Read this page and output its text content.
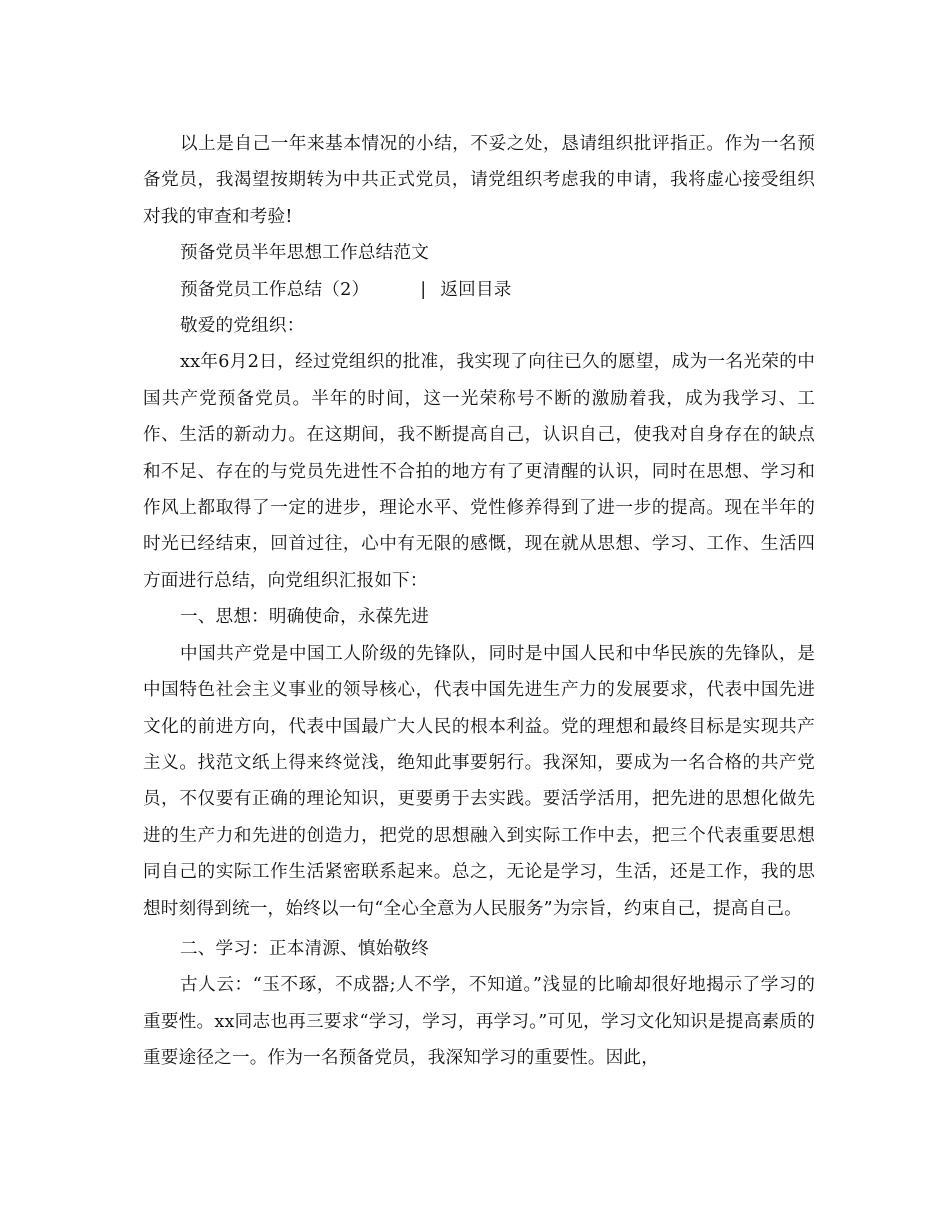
以上是自己一年来基本情况的小结，不妥之处，恳请组织批评指正。作为一名预备党员，我渴望按期转为中共正式党员，请党组织考虑我的申请，我将虚心接受组织对我的审查和考验!

预备党员半年思想工作总结范文

预备党员工作总结（2）	| 返回目录

敬爱的党组织：

xx年6月2日，经过党组织的批准，我实现了向往已久的愿望，成为一名光荣的中国共产党预备党员。半年的时间，这一光荣称号不断的激励着我，成为我学习、工作、生活的新动力。在这期间，我不断提高自己，认识自己，使我对自身存在的缺点和不足、存在的与党员先进性不合拍的地方有了更清醒的认识，同时在思想、学习和作风上都取得了一定的进步，理论水平、党性修养得到了进一步的提高。现在半年的时光已经结束，回首过往，心中有无限的感慨，现在就从思想、学习、工作、生活四方面进行总结，向党组织汇报如下：

一、思想：明确使命，永葆先进

中国共产党是中国工人阶级的先锋队，同时是中国人民和中华民族的先锋队，是中国特色社会主义事业的领导核心，代表中国先进生产力的发展要求，代表中国先进文化的前进方向，代表中国最广大人民的根本利益。党的理想和最终目标是实现共产主义。找范文纸上得来终觉浅，绝知此事要躬行。我深知，要成为一名合格的共产党员，不仅要有正确的理论知识，更要勇于去实践。要活学活用，把先进的思想化做先进的生产力和先进的创造力，把党的思想融入到实际工作中去，把三个代表重要思想同自己的实际工作生活紧密联系起来。总之，无论是学习，生活，还是工作，我的思想时刻得到统一，始终以一句“全心全意为人民服务”为宗旨，约束自己，提高自己。

二、学习：正本清源、慎始敬终

古人云：“玉不琢，不成器;人不学，不知道。”浅显的比喻却很好地揭示了学习的重要性。xx同志也再三要求“学习，学习，再学习。”可见，学习文化知识是提高素质的重要途径之一。作为一名预备党员，我深知学习的重要性。因此，
